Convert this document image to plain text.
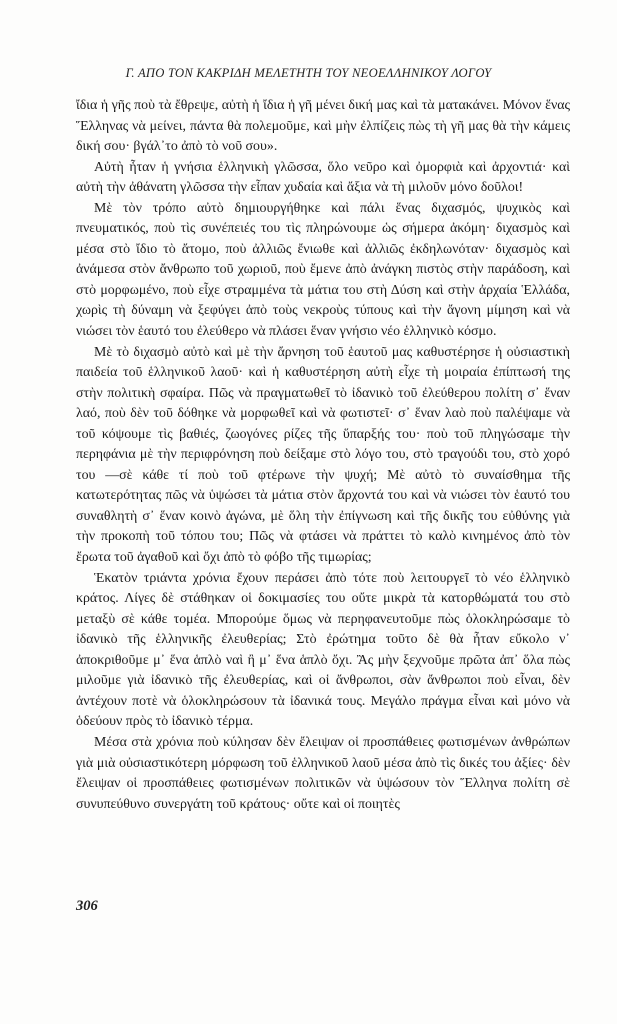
Γ. ΑΠΟ ΤΟΝ ΚΑΚΡΙΔΗ ΜΕΛΕΤΗΤΗ ΤΟΥ ΝΕΟΕΛΛΗΝΙΚΟΥ ΛΟΓΟΥ

ἴδια ἡ γῆς ποὺ τὰ ἔθρεψε, αὐτὴ ἡ ἴδια ἡ γῆ μένει δική μας καὶ τὰ ματακάνει. Μόνον ἕνας Ἕλληνας νὰ μείνει, πάντα θὰ πολεμοῦμε, καὶ μὴν ἐλπίζεις πὼς τὴ γῆ μας θὰ τὴν κάμεις δική σου· βγάλ᾽το ἀπὸ τὸ νοῦ σου».

Αὐτὴ ἦταν ἡ γνήσια ἑλληνικὴ γλῶσσα, ὅλο νεῦρο καὶ ὀμορφιὰ καὶ ἀρχοντιά· καὶ αὐτὴ τὴν ἀθάνατη γλῶσσα τὴν εἶπαν χυδαία καὶ ἄξια νὰ τὴ μιλοῦν μόνο δοῦλοι!

Μὲ τὸν τρόπο αὐτὸ δημιουργήθηκε καὶ πάλι ἕνας διχασμός, ψυχικὸς καὶ πνευματικός, ποὺ τὶς συνέπειές του τὶς πληρώνουμε ὡς σήμερα ἀκόμη· διχασμὸς καὶ μέσα στὸ ἴδιο τὸ ἄτομο, ποὺ ἀλλιῶς ἔνιωθε καὶ ἀλλιῶς ἐκδηλωνόταν· διχασμὸς καὶ ἀνάμεσα στὸν ἄνθρωπο τοῦ χωριοῦ, ποὺ ἔμενε ἀπὸ ἀνάγκη πιστὸς στὴν παράδοση, καὶ στὸ μορφωμένο, ποὺ εἶχε στραμμένα τὰ μάτια του στὴ Δύση καὶ στὴν ἀρχαία Ἑλλάδα, χωρὶς τὴ δύναμη νὰ ξεφύγει ἀπὸ τοὺς νεκροὺς τύπους καὶ τὴν ἄγονη μίμηση καὶ νὰ νιώσει τὸν ἑαυτό του ἐλεύθερο νὰ πλάσει ἕναν γνήσιο νέο ἑλληνικὸ κόσμο.

Μὲ τὸ διχασμὸ αὐτὸ καὶ μὲ τὴν ἄρνηση τοῦ ἑαυτοῦ μας καθυστέρησε ἡ οὐσιαστικὴ παιδεία τοῦ ἑλληνικοῦ λαοῦ· καὶ ἡ καθυστέρηση αὐτὴ εἶχε τὴ μοιραία ἐπίπτωσή της στὴν πολιτικὴ σφαίρα. Πῶς νὰ πραγματωθεῖ τὸ ἰδανικὸ τοῦ ἐλεύθερου πολίτη σ᾽ ἕναν λαό, ποὺ δὲν τοῦ δόθηκε νὰ μορφωθεῖ καὶ νὰ φωτιστεῖ· σ᾽ ἕναν λαὸ ποὺ παλέψαμε νὰ τοῦ κόψουμε τὶς βαθιές, ζωογόνες ρίζες τῆς ὕπαρξής του· ποὺ τοῦ πληγώσαμε τὴν περηφάνια μὲ τὴν περιφρόνηση ποὺ δείξαμε στὸ λόγο του, στὸ τραγούδι του, στὸ χορό του —σὲ κάθε τί ποὺ τοῦ φτέρωνε τὴν ψυχή; Μὲ αὐτὸ τὸ συναίσθημα τῆς κατωτερότητας πῶς νὰ ὑψώσει τὰ μάτια στὸν ἄρχοντά του καὶ νὰ νιώσει τὸν ἑαυτό του συναθλητὴ σ᾽ ἕναν κοινὸ ἀγώνα, μὲ ὅλη τὴν ἐπίγνωση καὶ τῆς δικῆς του εὐθύνης γιὰ τὴν προκοπὴ τοῦ τόπου του; Πῶς νὰ φτάσει νὰ πράττει τὸ καλὸ κινημένος ἀπὸ τὸν ἔρωτα τοῦ ἀγαθοῦ καὶ ὄχι ἀπὸ τὸ φόβο τῆς τιμωρίας;

Ἑκατὸν τριάντα χρόνια ἔχουν περάσει ἀπὸ τότε ποὺ λειτουργεῖ τὸ νέο ἑλληνικὸ κράτος. Λίγες δὲ στάθηκαν οἱ δοκιμασίες του οὔτε μικρὰ τὰ κατορθώματά του στὸ μεταξὺ σὲ κάθε τομέα. Μπορούμε ὅμως νὰ περηφανευτοῦμε πὼς ὁλοκληρώσαμε τὸ ἰδανικὸ τῆς ἑλληνικῆς ἐλευθερίας; Στὸ ἐρώτημα τοῦτο δὲ θὰ ἦταν εὔκολο ν᾽ ἀποκριθοῦμε μ᾽ ἕνα ἁπλὸ ναὶ ἢ μ᾽ ἕνα ἁπλὸ ὄχι. Ἂς μὴν ξεχνοῦμε πρῶτα ἀπ᾽ ὅλα πὼς μιλοῦμε γιὰ ἰδανικὸ τῆς ἐλευθερίας, καὶ οἱ ἄνθρωποι, σὰν ἄνθρωποι ποὺ εἶναι, δὲν ἀντέχουν ποτὲ νὰ ὁλοκληρώσουν τὰ ἰδανικά τους. Μεγάλο πράγμα εἶναι καὶ μόνο νὰ ὁδεύουν πρὸς τὸ ἰδανικὸ τέρμα.

Μέσα στὰ χρόνια ποὺ κύλησαν δὲν ἔλειψαν οἱ προσπάθειες φωτισμένων ἀνθρώπων γιὰ μιὰ οὐσιαστικότερη μόρφωση τοῦ ἑλληνικοῦ λαοῦ μέσα ἀπὸ τὶς δικές του ἀξίες· δὲν ἔλειψαν οἱ προσπάθειες φωτισμένων πολιτικῶν νὰ ὑψώσουν τὸν Ἕλληνα πολίτη σὲ συνυπεύθυνο συνεργάτη τοῦ κράτους· οὔτε καὶ οἱ ποιητὲς

306
